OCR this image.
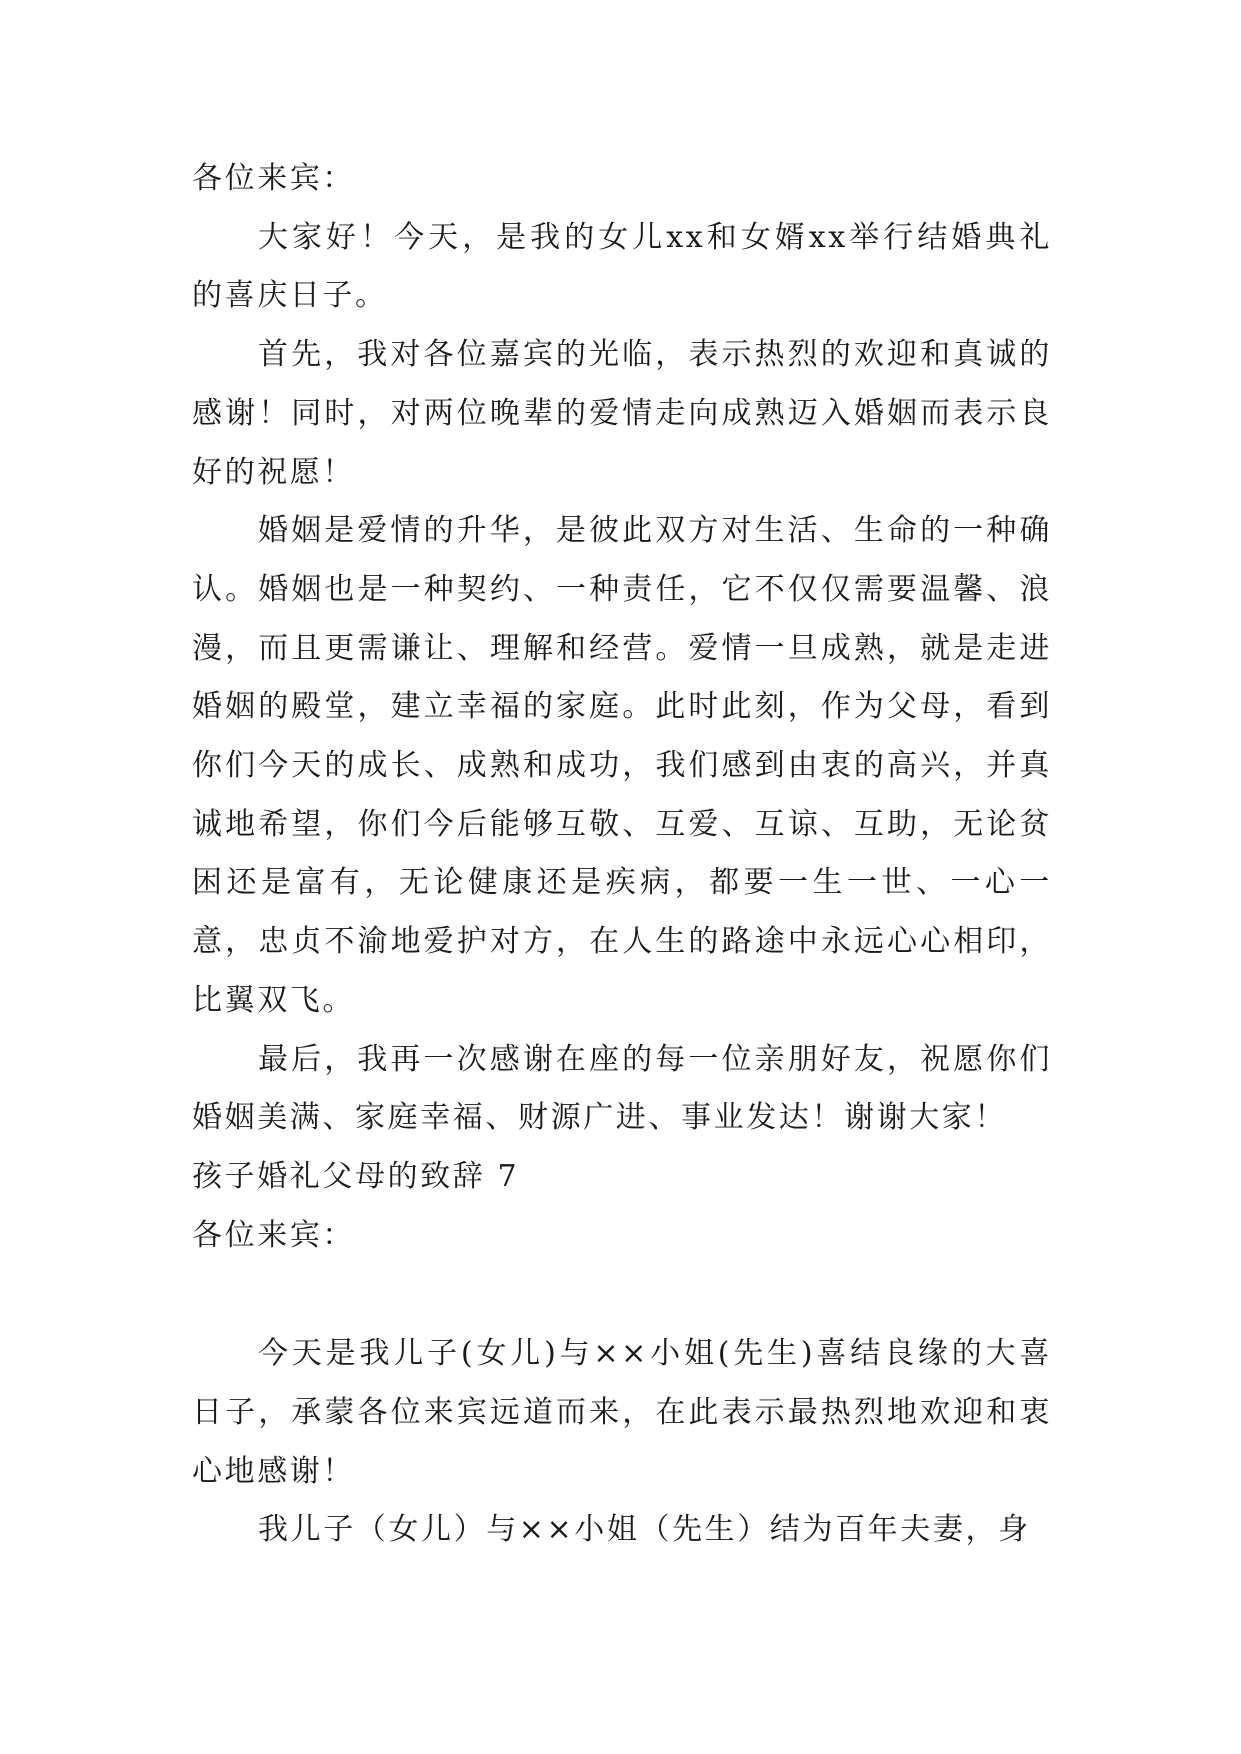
各位来宾：

大家好！今天，是我的女儿xx和女婿xx举行结婚典礼的喜庆日子。

首先，我对各位嘉宾的光临，表示热烈的欢迎和真诚的感谢！同时，对两位晚辈的爱情走向成熟迈入婚姻而表示良好的祝愿！

婚姻是爱情的升华，是彼此双方对生活、生命的一种确认。婚姻也是一种契约、一种责任，它不仅仅需要温馨、浪漫，而且更需谦让、理解和经营。爱情一旦成熟，就是走进婚姻的殿堂，建立幸福的家庭。此时此刻，作为父母，看到你们今天的成长、成熟和成功，我们感到由衷的高兴，并真诚地希望，你们今后能够互敬、互爱、互谅、互助，无论贫困还是富有，无论健康还是疾病，都要一生一世、一心一意，忠贞不渝地爱护对方，在人生的路途中永远心心相印，比翼双飞。

最后，我再一次感谢在座的每一位亲朋好友，祝愿你们婚姻美满、家庭幸福、财源广进、事业发达！谢谢大家！

孩子婚礼父母的致辞 7

各位来宾：

今天是我儿子(女儿)与××小姐(先生)喜结良缘的大喜日子，承蒙各位来宾远道而来，在此表示最热烈地欢迎和衷心地感谢！

我儿子（女儿）与××小姐（先生）结为百年夫妻，身
